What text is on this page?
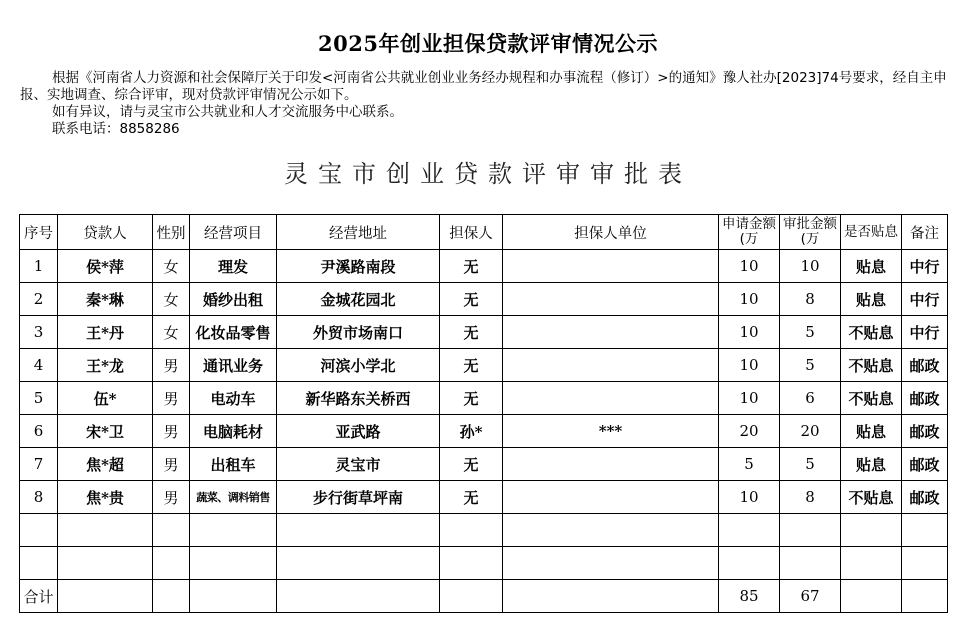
2025年创业担保贷款评审情况公示

根据《河南省人力资源和社会保障厅关于印发<河南省公共就业创业业务经办规程和办事流程（修订）>的通知》豫人社办[2023]74号要求，经自主申报、实地调查、综合评审，现对贷款评审情况公示如下。

如有异议，请与灵宝市公共就业和人才交流服务中心联系。

联系电话：8858286

灵宝市创业贷款评审审批表
序号	贷款人	性别	经营项目	经营地址	担保人	担保人单位	申请金额(万	审批金额(万	是否贴息	备注
1	侯*萍	女	理发	尹溪路南段	无		10	10	贴息	中行
2	秦*琳	女	婚纱出租	金城花园北	无		10	8	贴息	中行
3	王*丹	女	化妆品零售	外贸市场南口	无		10	5	不贴息	中行
4	王*龙	男	通讯业务	河滨小学北	无		10	5	不贴息	邮政
5	伍*	男	电动车	新华路东关桥西	无		10	6	不贴息	邮政
6	宋*卫	男	电脑耗材	亚武路	孙*	***	20	20	贴息	邮政
7	焦*超	男	出租车	灵宝市	无		5	5	贴息	邮政
8	焦*贵	男	蔬菜、调料销售	步行街草坪南	无		10	8	不贴息	邮政

合计							85	67		
